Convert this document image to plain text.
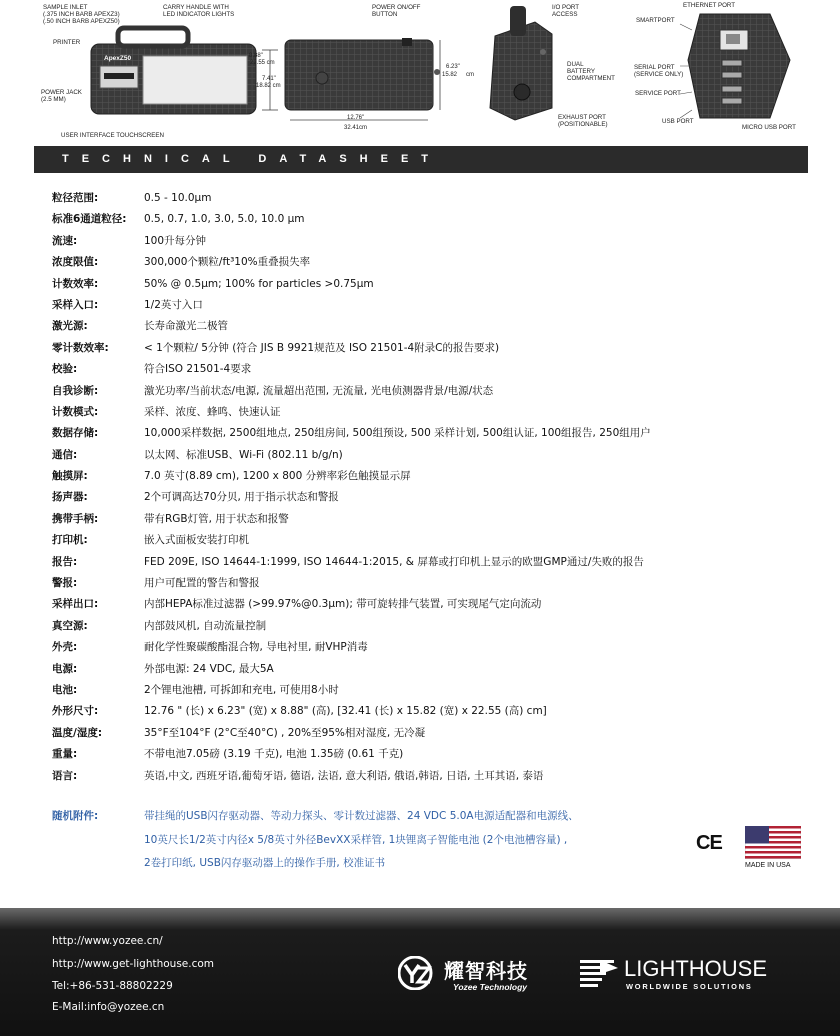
SAMPLE INLET
(.375 INCH BARB APEXZ3)
(.50 INCH BARB APEXZ50)
CARRY HANDLE WITH
LED INDICATOR LIGHTS
PRINTER
POWER JACK
(2.5 MM)
USER INTERFACE TOUCHSCREEN
POWER ON/OFF
BUTTON
I/O PORT
ACCESS
DUAL
BATTERY
COMPARTMENT
EXHAUST PORT
(POSITIONABLE)
ETHERNET PORT
SMARTPORT
SERIAL PORT
(SERVICE ONLY)
SERVICE PORT
USB PORT
MICRO USB PORT
ApexZ50	8.88"
22.55 cm
7.41"
18.82 cm
12.76"
32.41cm
6.23"
15.82 cm
TECHNICAL DATASHEET
粒径范围:	0.5 - 10.0μm
标准6通道粒径: 0.5, 0.7, 1.0, 3.0, 5.0, 10.0 μm
流速:	100升每分钟
浓度限值:	300,000个颗粒/ft³10%重叠损失率
计数效率:	50% @ 0.5μm; 100% for particles >0.75μm
采样入口:	1/2英寸入口
激光源:	长寿命激光二极管
零计数效率:	< 1个颗粒/ 5分钟 (符合 JIS B 9921规范及 ISO 21501-4附录C的报告要求)
校验:	符合ISO 21501-4要求
自我诊断:	激光功率/当前状态/电源, 流量超出范围, 无流量, 光电侦测器背景/电源/状态
计数模式:	采样、浓度、蜂鸣、快速认证
数据存储:	10,000采样数据, 2500组地点, 250组房间, 500组预设, 500 采样计划, 500组认证, 100组报告, 250组用户
通信:	以太网、标准USB、Wi-Fi (802.11 b/g/n)
触摸屏:	7.0 英寸(8.89 cm), 1200 x 800 分辨率彩色触摸显示屏
扬声器:	2个可调高达70分贝, 用于指示状态和警报
携带手柄:	带有RGB灯管, 用于状态和报警
打印机:	嵌入式面板安装打印机
报告:	FED 209E, ISO 14644-1:1999, ISO 14644-1:2015, & 屏幕或打印机上显示的欧盟GMP通过/失败的报告
警报:	用户可配置的警告和警报
采样出口:	内部HEPA标准过滤器 (>99.97%@0.3μm); 带可旋转排气装置, 可实现尾气定向流动
真空源:	内部鼓风机, 自动流量控制
外壳:	耐化学性聚碳酸酯混合物, 导电衬里, 耐VHP消毒
电源:	外部电源: 24 VDC, 最大5A
电池:	2个锂电池槽, 可拆卸和充电, 可使用8小时
外形尺寸:	12.76 " (长) x 6.23" (宽) x 8.88" (高), [32.41 (长) x 15.82 (宽) x 22.55 (高) cm]
温度/湿度:	35°F至104°F (2°C至40°C) , 20%至95%相对湿度, 无冷凝
重量:	不带电池7.05磅 (3.19 千克), 电池 1.35磅 (0.61 千克)
语言:	英语,中文, 西班牙语,葡萄牙语, 德语, 法语, 意大利语, 俄语,韩语, 日语, 土耳其语, 泰语
随机附件:	带挂绳的USB闪存驱动器、等动力探头、零计数过滤器、24 VDC 5.0A电源适配器和电源线、
10英尺长1/2英寸内径x 5/8英寸外径BevXX采样管, 1块锂离子智能电池 (2个电池槽容量) ,
2卷打印纸, USB闪存驱动器上的操作手册, 校准证书
CE
MADE IN USA
http://www.yozee.cn/
http://www.get-lighthouse.com
Tel:+86-531-88802229
E-Mail:info@yozee.cn
耀智科技
Yozee Technology
LIGHTHOUSE
WORLDWIDE SOLUTIONS
